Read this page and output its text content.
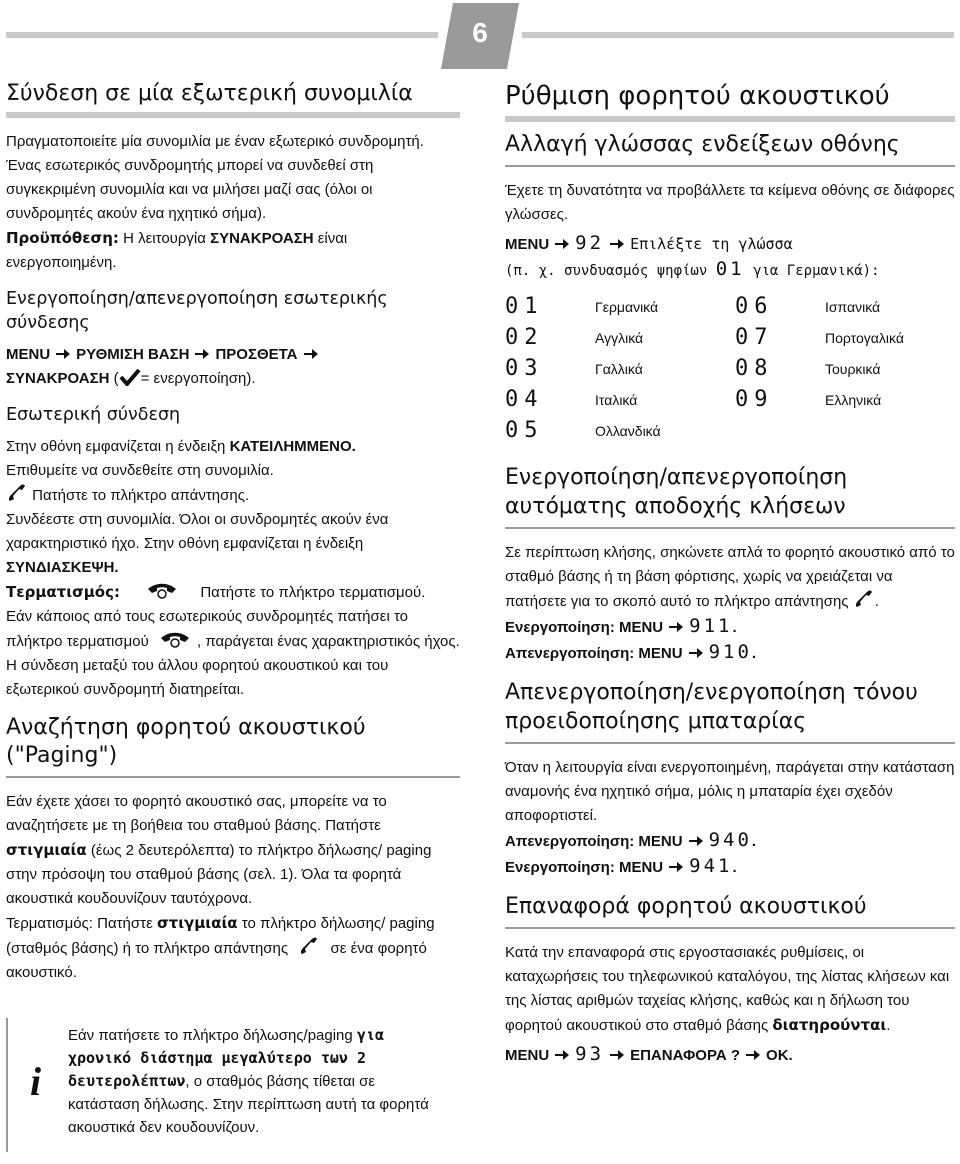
6
Σύνδεση σε μία εξωτερική συνομιλία
Πραγματοποιείτε μία συνομιλία με έναν εξωτερικό συνδρομητή. Ένας εσωτερικός συνδρομητής μπορεί να συνδεθεί στη συγκεκριμένη συνομιλία και να μιλήσει μαζί σας (όλοι οι συνδρομητές ακούν ένα ηχητικό σήμα).
Προϋπόθεση: Η λειτουργία ΣΥΝΑΚΡΟΑΣΗ είναι ενεργοποιημένη.
Ενεργοποίηση/απενεργοποίηση εσωτερικής σύνδεσης
MENU ΡΥΘΜΙΣΗ ΒΑΣΗ ΠΡΟΣΘΕΤΑ
ΣΥΝΑΚΡΟΑΣΗ ( = ενεργοποίηση).
Εσωτερική σύνδεση
Στην οθόνη εμφανίζεται η ένδειξη ΚΑΤΕΙΛΗΜΜΕΝΟ.
Επιθυμείτε να συνδεθείτε στη συνομιλία.
Πατήστε το πλήκτρο απάντησης.
Συνδέεστε στη συνομιλία. Όλοι οι συνδρομητές ακούν ένα χαρακτηριστικό ήχο. Στην οθόνη εμφανίζεται η ένδειξη ΣΥΝΔΙΑΣΚΕΨΗ.
Τερματισμός:	Πατήστε το πλήκτρο τερματισμού.
Εάν κάποιος από τους εσωτερικούς συνδρομητές πατήσει το πλήκτρο τερματισμού	, παράγεται ένας χαρακτηριστικός ήχος. Η σύνδεση μεταξύ του άλλου φορητού ακουστικού και του εξωτερικού συνδρομητή διατηρείται.
Αναζήτηση φορητού ακουστικού
("Paging")
Εάν έχετε χάσει το φορητό ακουστικό σας, μπορείτε να το αναζητήσετε με τη βοήθεια του σταθμού βάσης. Πατήστε στιγμιαία (έως 2 δευτερόλεπτα) το πλήκτρο δήλωσης/ paging στην πρόσοψη του σταθμού βάσης (σελ. 1). Όλα τα φορητά ακουστικά κουδουνίζουν ταυτόχρονα.
Τερματισμός: Πατήστε στιγμιαία το πλήκτρο δήλωσης/ paging (σταθμός βάσης) ή το πλήκτρο απάντησης	σε ένα φορητό ακουστικό.
i
Εάν πατήσετε το πλήκτρο δήλωσης/paging για χρονικό διάστημα μεγαλύτερο των 2 δευτερολέπτων, ο σταθμός βάσης τίθεται σε κατάσταση δήλωσης. Στην περίπτωση αυτή τα φορητά ακουστικά δεν κουδουνίζουν.
Ρύθμιση φορητού ακουστικού
Αλλαγή γλώσσας ενδείξεων οθόνης
Έχετε τη δυνατότητα να προβάλλετε τα κείμενα οθόνης σε διάφορες γλώσσες.
MENU 92 Επιλέξτε τη γλώσσα
(π. χ. συνδυασμός ψηφίων 01 για Γερμανικά):
01	Γερμανικά	06	Ισπανικά
02	Αγγλικά	07	Πορτογαλικά
03	Γαλλικά	08	Τουρκικά
04	Ιταλικά	09	Ελληνικά
05	Ολλανδικά
Ενεργοποίηση/απενεργοποίηση αυτόματης αποδοχής κλήσεων
Σε περίπτωση κλήσης, σηκώνετε απλά το φορητό ακουστικό από το σταθμό βάσης ή τη βάση φόρτισης, χωρίς να χρειάζεται να πατήσετε για το σκοπό αυτό το πλήκτρο απάντησης .
Ενεργοποίηση: MENU 911.
Απενεργοποίηση: MENU 910.
Απενεργοποίηση/ενεργοποίηση τόνου προειδοποίησης μπαταρίας
Όταν η λειτουργία είναι ενεργοποιημένη, παράγεται στην κατάσταση αναμονής ένα ηχητικό σήμα, μόλις η μπαταρία έχει σχεδόν αποφορτιστεί.
Απενεργοποίηση: MENU 940.
Ενεργοποίηση: MENU 941.
Επαναφορά φορητού ακουστικού
Κατά την επαναφορά στις εργοστασιακές ρυθμίσεις, οι καταχωρήσεις του τηλεφωνικού καταλόγου, της λίστας κλήσεων και της λίστας αριθμών ταχείας κλήσης, καθώς και η δήλωση του φορητού ακουστικού στο σταθμό βάσης διατηρούνται.
MENU 93 ΕΠΑΝΑΦΟΡΑ ? OK.
